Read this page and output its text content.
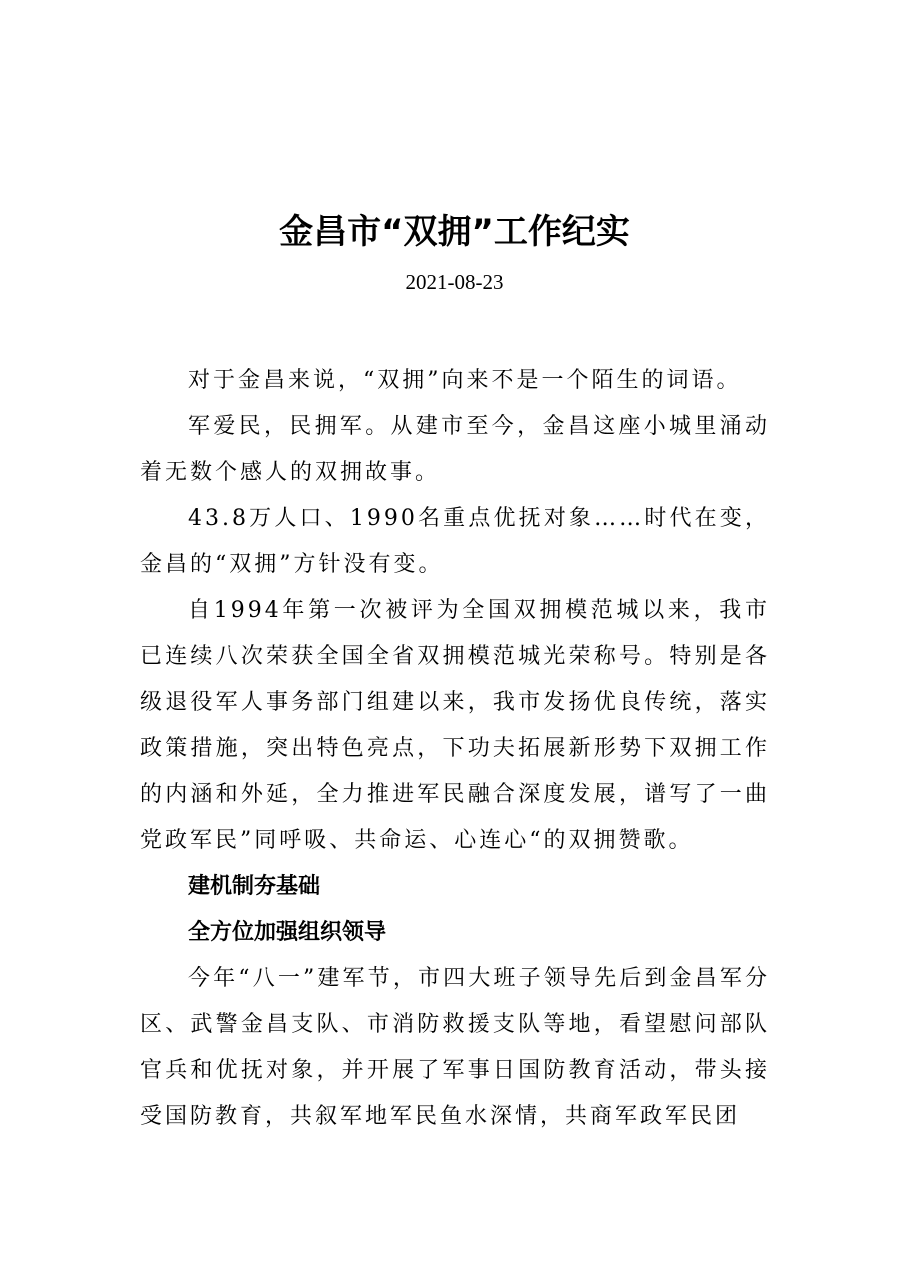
金昌市“双拥”工作纪实
2021-08-23

对于金昌来说，“双拥”向来不是一个陌生的词语。

军爱民，民拥军。从建市至今，金昌这座小城里涌动着无数个感人的双拥故事。

43.8万人口、1990名重点优抚对象……时代在变，金昌的“双拥”方针没有变。

自1994年第一次被评为全国双拥模范城以来，我市已连续八次荣获全国全省双拥模范城光荣称号。特别是各级退役军人事务部门组建以来，我市发扬优良传统，落实政策措施，突出特色亮点，下功夫拓展新形势下双拥工作的内涵和外延，全力推进军民融合深度发展，谱写了一曲党政军民”同呼吸、共命运、心连心“的双拥赞歌。

建机制夯基础

全方位加强组织领导

今年“八一”建军节，市四大班子领导先后到金昌军分区、武警金昌支队、市消防救援支队等地，看望慰问部队官兵和优抚对象，并开展了军事日国防教育活动，带头接受国防教育，共叙军地军民鱼水深情，共商军政军民团
